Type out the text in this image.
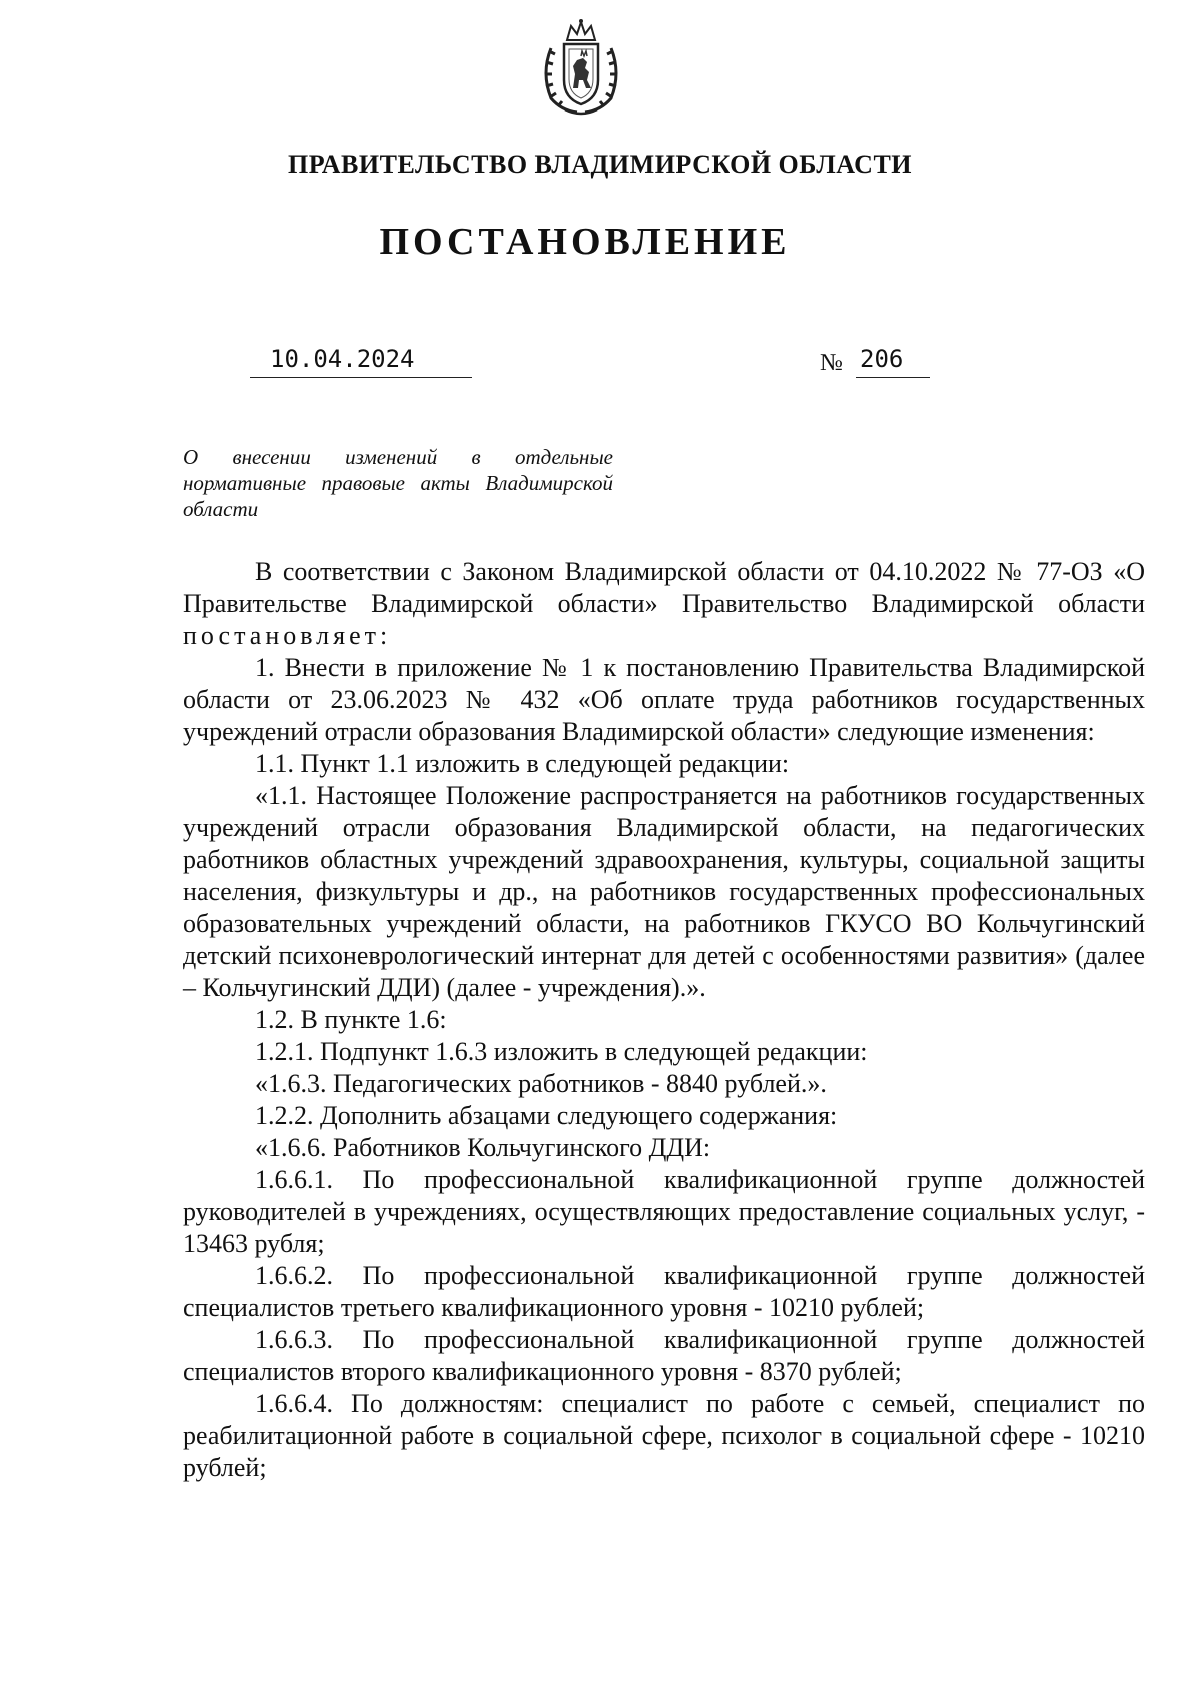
ПРАВИТЕЛЬСТВО ВЛАДИМИРСКОЙ ОБЛАСТИ
ПОСТАНОВЛЕНИЕ
10.04.2024	№ 206
О внесении изменений в отдельные нормативные правовые акты Владимирской области

В соответствии с Законом Владимирской области от 04.10.2022 № 77-ОЗ «О Правительстве Владимирской области» Правительство Владимирской области постановляет:

1. Внести в приложение № 1 к постановлению Правительства Владимирской области от 23.06.2023 № 432 «Об оплате труда работников государственных учреждений отрасли образования Владимирской области» следующие изменения:

1.1. Пункт 1.1 изложить в следующей редакции:

«1.1. Настоящее Положение распространяется на работников государственных учреждений отрасли образования Владимирской области, на педагогических работников областных учреждений здравоохранения, культуры, социальной защиты населения, физкультуры и др., на работников государственных профессиональных образовательных учреждений области, на работников ГКУСО ВО Кольчугинский детский психоневрологический интернат для детей с особенностями развития» (далее – Кольчугинский ДДИ) (далее - учреждения).».

1.2. В пункте 1.6:

1.2.1. Подпункт 1.6.3 изложить в следующей редакции:

«1.6.3. Педагогических работников - 8840 рублей.».

1.2.2. Дополнить абзацами следующего содержания:

«1.6.6. Работников Кольчугинского ДДИ:

1.6.6.1. По профессиональной квалификационной группе должностей руководителей в учреждениях, осуществляющих предоставление социальных услуг, - 13463 рубля;

1.6.6.2. По профессиональной квалификационной группе должностей специалистов третьего квалификационного уровня - 10210 рублей;

1.6.6.3. По профессиональной квалификационной группе должностей специалистов второго квалификационного уровня - 8370 рублей;

1.6.6.4. По должностям: специалист по работе с семьей, специалист по реабилитационной работе в социальной сфере, психолог в социальной сфере - 10210 рублей;
